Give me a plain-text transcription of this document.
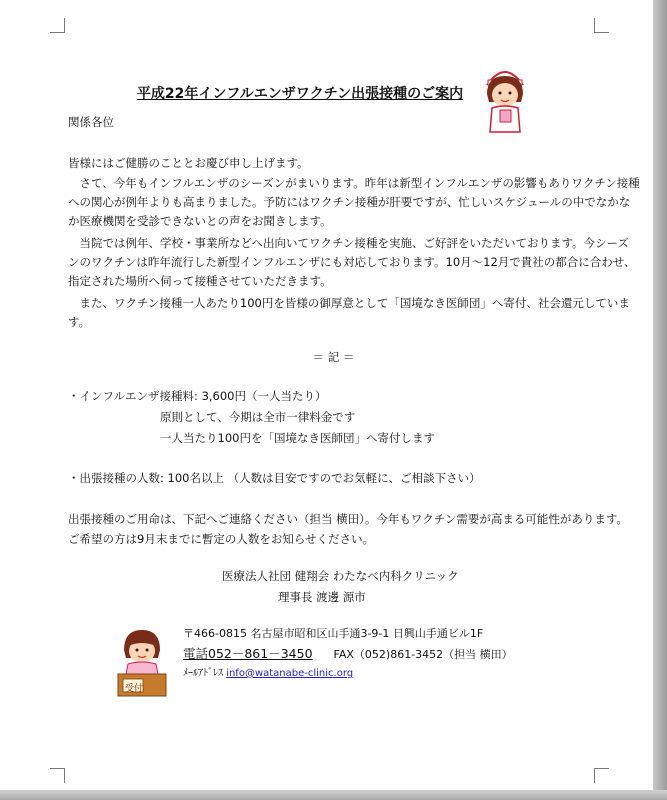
平成22年インフルエンザワクチン出張接種のご案内
関係各位
皆様にはご健勝のこととお慶び申し上げます。
　さて、今年もインフルエンザのシーズンがまいります。昨年は新型インフルエンザの影響もありワクチン接種
への関心が例年よりも高まりました。予防にはワクチン接種が肝要ですが、忙しいスケジュールの中でなかな
か医療機関を受診できないとの声をお聞きします。
　当院では例年、学校・事業所などへ出向いてワクチン接種を実施、ご好評をいただいております。今シーズ
ンのワクチンは昨年流行した新型インフルエンザにも対応しております。10月～12月で貴社の都合に合わせ、
指定された場所へ伺って接種させていただきます。
　また、ワクチン接種一人あたり100円を皆様の御厚意として「国境なき医師団」へ寄付、社会還元していま
す。
＝ 記 ＝
・インフルエンザ接種料: 3,600円（一人当たり）
原則として、今期は全市一律料金です
一人当たり100円を「国境なき医師団」へ寄付します
・出張接種の人数: 100名以上 （人数は目安ですのでお気軽に、ご相談下さい）
出張接種のご用命は、下記へご連絡ください（担当 横田）。今年もワクチン需要が高まる可能性があります。
ご希望の方は9月末までに暫定の人数をお知らせください。
医療法人社団 健翔会 わたなべ内科クリニック
理事長 渡邊 源市
受付
〒466-0815 名古屋市昭和区山手通3-9-1 日興山手通ビル1F
電話052－861－3450 FAX（052)861-3452（担当 横田）
ﾒｰﾙｱﾄﾞﾚｽ info@watanabe-clinic.org
